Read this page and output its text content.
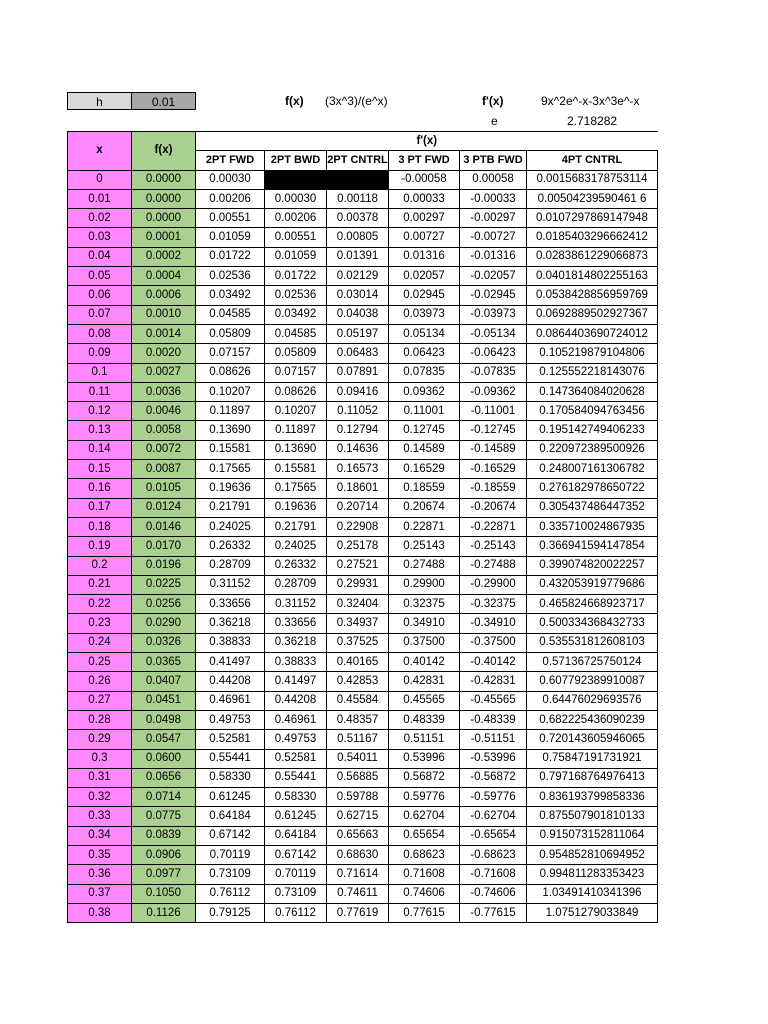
h	0.01	f(x) (3x^3)/(e^x)	f'(x)	9x^2e^-x-3x^3e^-x
e	2.718282
x	f(x)	f'(x)					
		2PT FWD	2PT BWD	2PT CNTRL	3 PT FWD	3 PTB FWD	4PT CNTRL
0	0.0000	0.00030			-0.00058	0.00058	0.0015683178753114
0.01	0.0000	0.00206	0.00030	0.00118	0.00033	-0.00033	0.00504239590461 6
0.02	0.0000	0.00551	0.00206	0.00378	0.00297	-0.00297	0.0107297869147948
0.03	0.0001	0.01059	0.00551	0.00805	0.00727	-0.00727	0.0185403296662412
0.04	0.0002	0.01722	0.01059	0.01391	0.01316	-0.01316	0.0283861229066873
0.05	0.0004	0.02536	0.01722	0.02129	0.02057	-0.02057	0.0401814802255163
0.06	0.0006	0.03492	0.02536	0.03014	0.02945	-0.02945	0.0538428856959769
0.07	0.0010	0.04585	0.03492	0.04038	0.03973	-0.03973	0.0692889502927367
0.08	0.0014	0.05809	0.04585	0.05197	0.05134	-0.05134	0.0864403690724012
0.09	0.0020	0.07157	0.05809	0.06483	0.06423	-0.06423	0.105219879104806
0.1	0.0027	0.08626	0.07157	0.07891	0.07835	-0.07835	0.125552218143076
0.11	0.0036	0.10207	0.08626	0.09416	0.09362	-0.09362	0.147364084020628
0.12	0.0046	0.11897	0.10207	0.11052	0.11001	-0.11001	0.170584094763456
0.13	0.0058	0.13690	0.11897	0.12794	0.12745	-0.12745	0.195142749406233
0.14	0.0072	0.15581	0.13690	0.14636	0.14589	-0.14589	0.220972389500926
0.15	0.0087	0.17565	0.15581	0.16573	0.16529	-0.16529	0.248007161306782
0.16	0.0105	0.19636	0.17565	0.18601	0.18559	-0.18559	0.276182978650722
0.17	0.0124	0.21791	0.19636	0.20714	0.20674	-0.20674	0.305437486447352
0.18	0.0146	0.24025	0.21791	0.22908	0.22871	-0.22871	0.335710024867935
0.19	0.0170	0.26332	0.24025	0.25178	0.25143	-0.25143	0.366941594147854
0.2	0.0196	0.28709	0.26332	0.27521	0.27488	-0.27488	0.399074820022257
0.21	0.0225	0.31152	0.28709	0.29931	0.29900	-0.29900	0.432053919779686
0.22	0.0256	0.33656	0.31152	0.32404	0.32375	-0.32375	0.465824668923717
0.23	0.0290	0.36218	0.33656	0.34937	0.34910	-0.34910	0.500334368432733
0.24	0.0326	0.38833	0.36218	0.37525	0.37500	-0.37500	0.535531812608103
0.25	0.0365	0.41497	0.38833	0.40165	0.40142	-0.40142	0.57136725750124
0.26	0.0407	0.44208	0.41497	0.42853	0.42831	-0.42831	0.607792389910087
0.27	0.0451	0.46961	0.44208	0.45584	0.45565	-0.45565	0.64476029693576
0.28	0.0498	0.49753	0.46961	0.48357	0.48339	-0.48339	0.682225436090239
0.29	0.0547	0.52581	0.49753	0.51167	0.51151	-0.51151	0.720143605946065
0.3	0.0600	0.55441	0.52581	0.54011	0.53996	-0.53996	0.75847191731921
0.31	0.0656	0.58330	0.55441	0.56885	0.56872	-0.56872	0.797168764976413
0.32	0.0714	0.61245	0.58330	0.59788	0.59776	-0.59776	0.836193799858336
0.33	0.0775	0.64184	0.61245	0.62715	0.62704	-0.62704	0.875507901810133
0.34	0.0839	0.67142	0.64184	0.65663	0.65654	-0.65654	0.915073152811064
0.35	0.0906	0.70119	0.67142	0.68630	0.68623	-0.68623	0.954852810694952
0.36	0.0977	0.73109	0.70119	0.71614	0.71608	-0.71608	0.994811283353423
0.37	0.1050	0.76112	0.73109	0.74611	0.74606	-0.74606	1.03491410341396
0.38	0.1126	0.79125	0.76112	0.77619	0.77615	-0.77615	1.0751279033849
